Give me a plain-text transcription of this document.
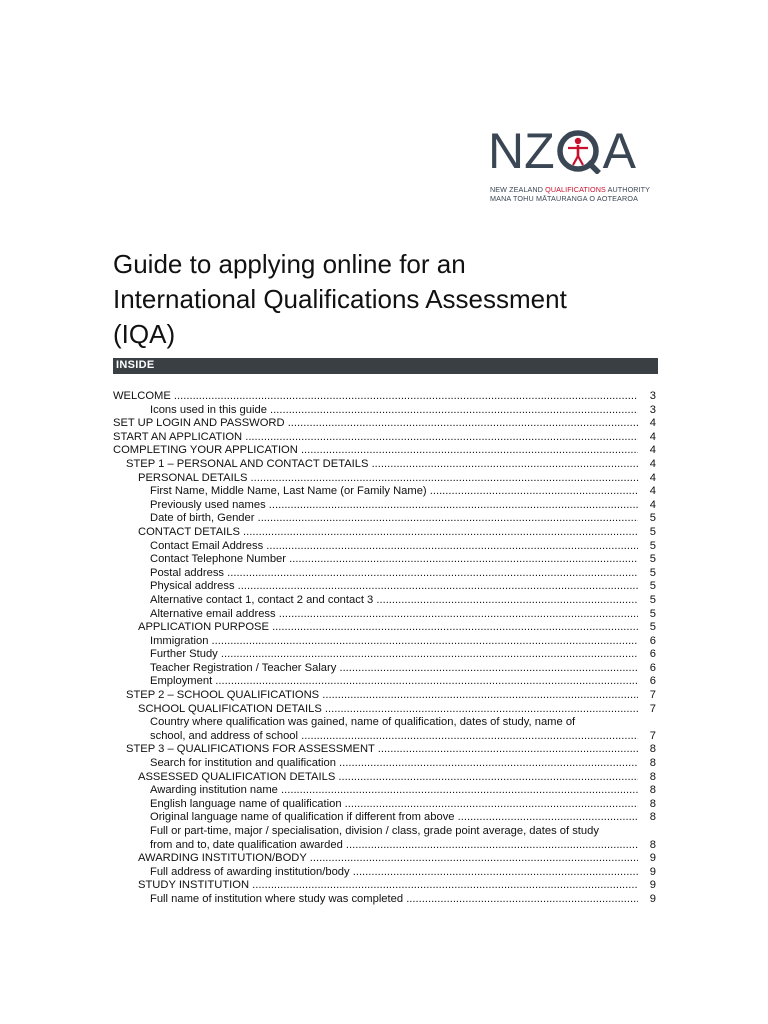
N Z A
NEW ZEALAND QUALIFICATIONS AUTHORITY
MANA TOHU MĀTAURANGA O AOTEAROA
Guide to applying online for an
International Qualifications Assessment
(IQA)
INSIDE
WELCOME .....	3
Icons used in this guide .....	3
SET UP LOGIN AND PASSWORD .....	4
START AN APPLICATION .....	4
COMPLETING YOUR APPLICATION .....	4
STEP 1 – PERSONAL AND CONTACT DETAILS .....	4
PERSONAL DETAILS .....	4
First Name, Middle Name, Last Name (or Family Name) .....	4
Previously used names .....	4
Date of birth, Gender .....	5
CONTACT DETAILS .....	5
Contact Email Address .....	5
Contact Telephone Number .....	5
Postal address .....	5
Physical address .....	5
Alternative contact 1, contact 2 and contact 3 .....	5
Alternative email address .....	5
APPLICATION PURPOSE .....	5
Immigration .....	6
Further Study .....	6
Teacher Registration / Teacher Salary .....	6
Employment .....	6
STEP 2 – SCHOOL QUALIFICATIONS .....	7
SCHOOL QUALIFICATION DETAILS .....	7
Country where qualification was gained, name of qualification, dates of study, name of
school, and address of school .....	7
STEP 3 – QUALIFICATIONS FOR ASSESSMENT .....	8
Search for institution and qualification .....	8
ASSESSED QUALIFICATION DETAILS .....	8
Awarding institution name .....	8
English language name of qualification .....	8
Original language name of qualification if different from above .....	8
Full or part-time, major / specialisation, division / class, grade point average, dates of study
from and to, date qualification awarded .....	8
AWARDING INSTITUTION/BODY .....	9
Full address of awarding institution/body .....	9
STUDY INSTITUTION .....	9
Full name of institution where study was completed .....	9
